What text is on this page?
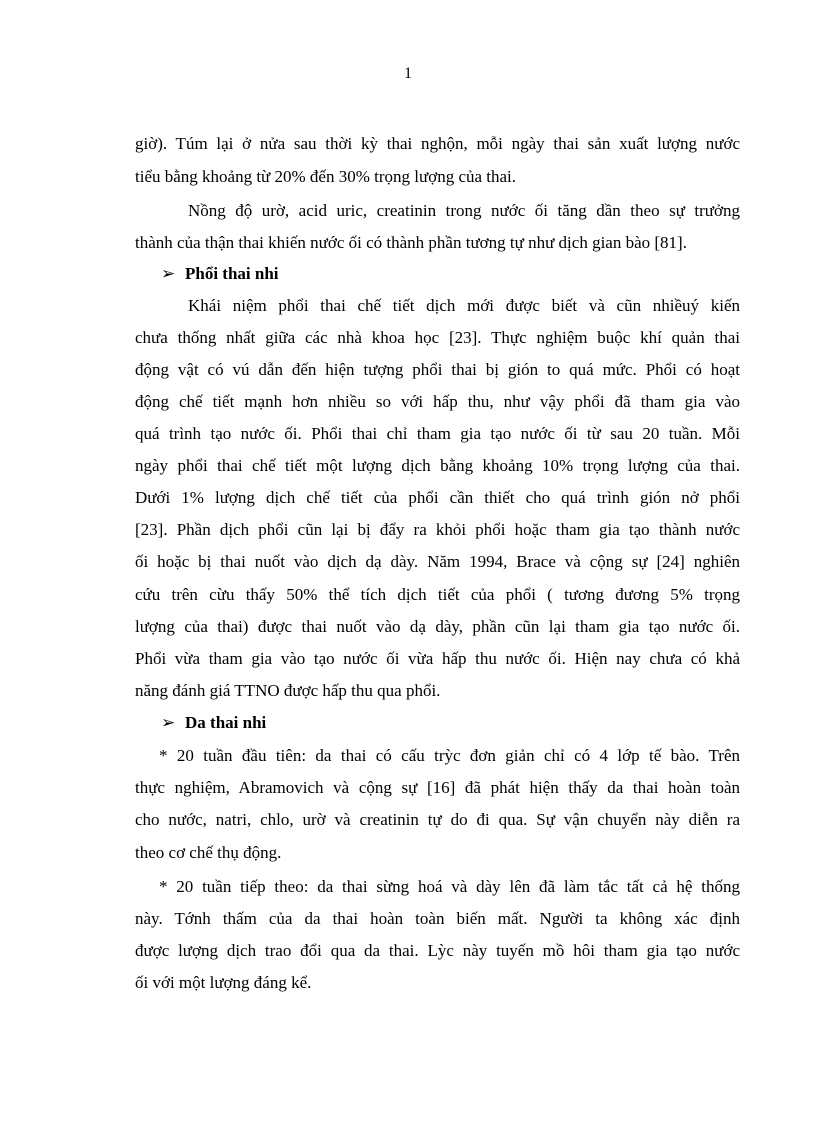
1
giờ). Túm lại ở nửa sau thời kỳ thai nghộn, mỗi ngày thai sản xuất lượng nước
tiểu bằng khoảng từ 20% đến 30% trọng lượng của thai.
Nồng độ urờ, acid uric, creatinin trong nước ối tăng dần theo sự trưởng
thành của thận thai khiến nước ối có thành phần tương tự như dịch gian bào [81].
➢ Phổi thai nhi
Khái niệm phổi thai chế tiết dịch mới được biết và cũn nhiềuý kiến
chưa thống nhất giữa các nhà khoa học [23]. Thực nghiệm buộc khí quản thai
động vật có vú dẫn đến hiện tượng phổi thai bị gión to quá mức. Phổi có hoạt
động chế tiết mạnh hơn nhiều so với hấp thu, như vậy phổi đã tham gia vào
quá trình tạo nước ối. Phổi thai chỉ tham gia tạo nước ối từ sau 20 tuần. Mỗi
ngày phổi thai chế tiết một lượng dịch bằng khoảng 10% trọng lượng của thai.
Dưới 1% lượng dịch chế tiết của phổi cần thiết cho quá trình gión nở phổi
[23]. Phần dịch phổi cũn lại bị đẩy ra khỏi phổi hoặc tham gia tạo thành nước
ối hoặc bị thai nuốt vào dịch dạ dày. Năm 1994, Brace và cộng sự [24] nghiên
cứu trên cừu thấy 50% thể tích dịch tiết của phổi ( tương đương 5% trọng
lượng của thai) được thai nuốt vào dạ dày, phần cũn lại tham gia tạo nước ối.
Phổi vừa tham gia vào tạo nước ối vừa hấp thu nước ối. Hiện nay chưa có khả
năng đánh giá TTNO được hấp thu qua phổi.
➢ Da thai nhi
* 20 tuần đầu tiên: da thai có cấu trỳc đơn giản chỉ có 4 lớp tế bào. Trên
thực nghiệm, Abramovich và cộng sự [16] đã phát hiện thấy da thai hoàn toàn
cho nước, natri, chlo, urờ và creatinin tự do đi qua. Sự vận chuyển này diễn ra
theo cơ chế thụ động.
* 20 tuần tiếp theo: da thai sừng hoá và dày lên đã làm tắc tất cả hệ thống
này. Tớnh thấm của da thai hoàn toàn biến mất. Người ta không xác định
được lượng dịch trao đổi qua da thai. Lỳc này tuyến mồ hôi tham gia tạo nước
ối với một lượng đáng kể.
